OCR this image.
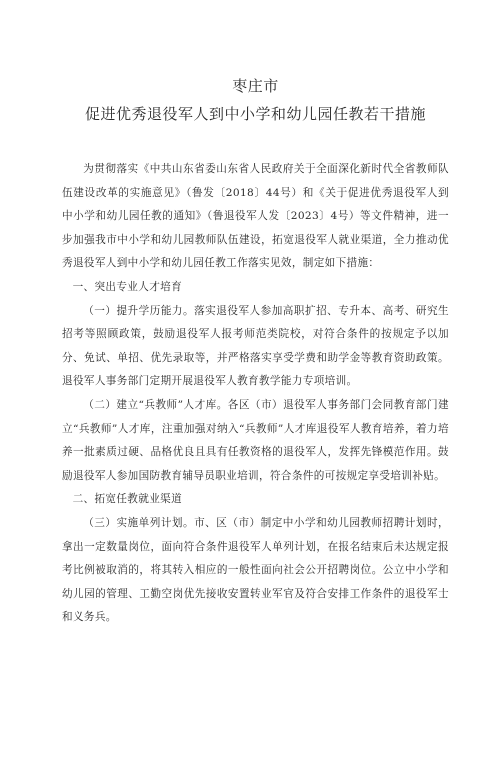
枣庄市
促进优秀退役军人到中小学和幼儿园任教若干措施

为贯彻落实《中共山东省委山东省人民政府关于全面深化新时代全省教师队伍建设改革的实施意见》（鲁发〔2018〕44号）和《关于促进优秀退役军人到中小学和幼儿园任教的通知》（鲁退役军人发〔2023〕4号）等文件精神，进一步加强我市中小学和幼儿园教师队伍建设，拓宽退役军人就业渠道，全力推动优秀退役军人到中小学和幼儿园任教工作落实见效，制定如下措施：

一、突出专业人才培育

（一）提升学历能力。落实退役军人参加高职扩招、专升本、高考、研究生招考等照顾政策，鼓励退役军人报考师范类院校，对符合条件的按规定予以加分、免试、单招、优先录取等，并严格落实享受学费和助学金等教育资助政策。退役军人事务部门定期开展退役军人教育教学能力专项培训。

（二）建立“兵教师”人才库。各区（市）退役军人事务部门会同教育部门建立“兵教师”人才库，注重加强对纳入“兵教师”人才库退役军人教育培养，着力培养一批素质过硬、品格优良且具有任教资格的退役军人，发挥先锋模范作用。鼓励退役军人参加国防教育辅导员职业培训，符合条件的可按规定享受培训补贴。

二、拓宽任教就业渠道

（三）实施单列计划。市、区（市）制定中小学和幼儿园教师招聘计划时，拿出一定数量岗位，面向符合条件退役军人单列计划，在报名结束后未达规定报考比例被取消的，将其转入相应的一般性面向社会公开招聘岗位。公立中小学和幼儿园的管理、工勤空岗优先接收安置转业军官及符合安排工作条件的退役军士和义务兵。
